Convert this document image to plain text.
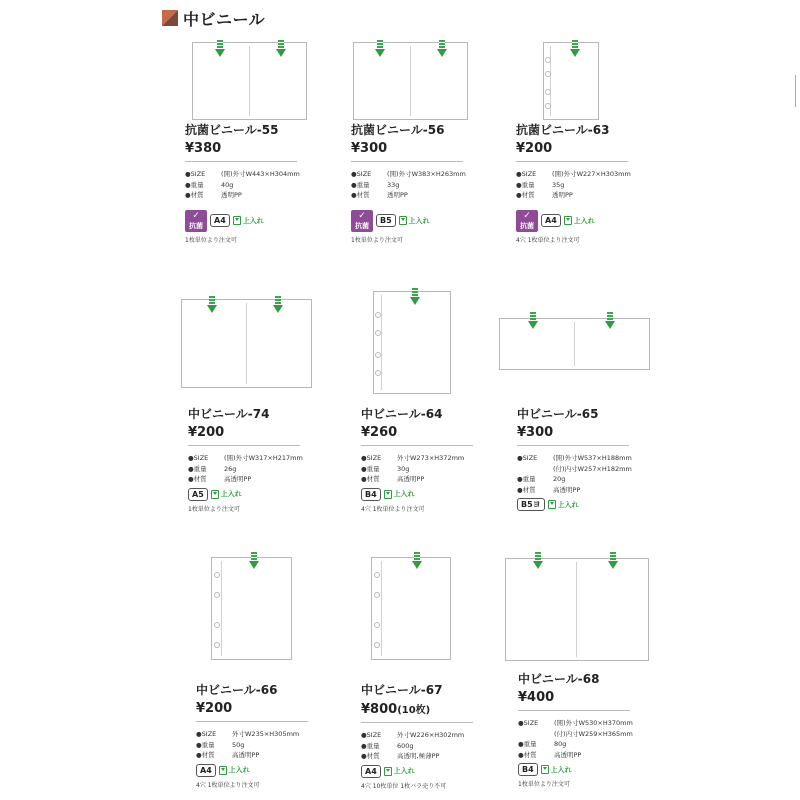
中ビニール
抗菌ビニール-55
¥380
●SIZE	(開)外寸W443×H304mm
●重量	40g
●材質	透明PP
✓
抗菌
A4	上入れ
1枚単位より注文可
抗菌ビニール-56
¥300
●SIZE	(開)外寸W383×H263mm
●重量	33g
●材質	透明PP
✓
抗菌
B5	上入れ
1枚単位より注文可
抗菌ビニール-63
¥200
●SIZE	(開)外寸W227×H303mm
●重量	35g
●材質	透明PP
✓
抗菌
A4	上入れ
4穴 1枚単位より注文可
中ビニール-74
¥200
●SIZE	(開)外寸W317×H217mm
●重量	26g
●材質	高透明PP
A5	上入れ
1枚単位より注文可
中ビニール-64
¥260
●SIZE	外寸W273×H372mm
●重量	30g
●材質	高透明PP
B4	上入れ
4穴 1枚単位より注文可
中ビニール-65
¥300
●SIZE	(開)外寸W537×H188mm
(付)内寸W257×H182mm
●重量	20g
●材質	高透明PP
B5ヨ	上入れ
中ビニール-66
¥200
●SIZE	外寸W235×H305mm
●重量	50g
●材質	高透明PP
A4	上入れ
4穴 1枚単位より注文可
中ビニール-67
¥800(10枚)
●SIZE	外寸W226×H302mm
●重量	600g
●材質	高透明,極薄PP
A4	上入れ
4穴 10枚単位 1枚バラ売り不可
中ビニール-68
¥400
●SIZE	(開)外寸W530×H370mm
(付)内寸W259×H365mm
●重量	80g
●材質	高透明PP
B4	上入れ
1枚単位より注文可
